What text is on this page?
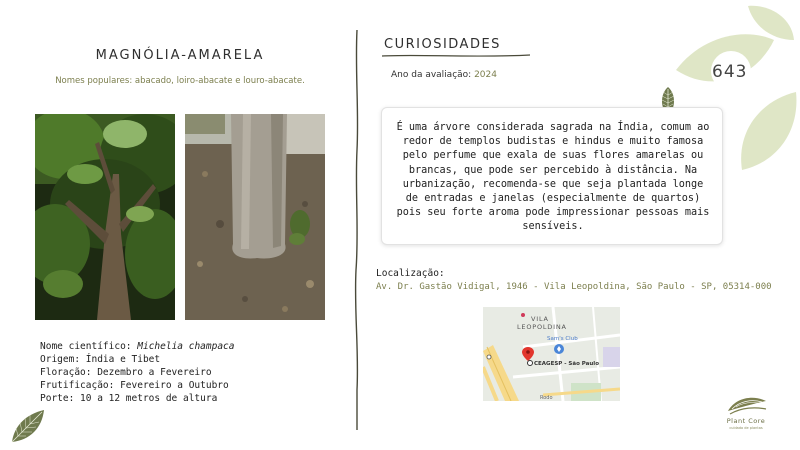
643
MAGNÓLIA-AMARELA
Nomes populares: abacado, loiro-abacate e louro-abacate.
Nome científico: Michelia champaca
Origem: Índia e Tibet
Floração: Dezembro a Fevereiro
Frutificação: Fevereiro a Outubro
Porte: 10 a 12 metros de altura
CURIOSIDADES
Ano da avaliação: 2024

É uma árvore considerada sagrada na Índia, comum ao redor de templos budistas e hindus e muito famosa pelo perfume que exala de suas flores amarelas ou brancas, que pode ser percebido à distância. Na urbanização, recomenda-se que seja plantada longe de entradas e janelas (especialmente de quartos) pois seu forte aroma pode impressionar pessoas mais sensíveis.

Localização:
Av. Dr. Gastão Vidigal, 1946 - Vila Leopoldina, São Paulo - SP, 05314-000
VILA
LEOPOLDINA
Sam's Club
CEAGESP - São Paulo
Rodo
Plant Core
cuidado de plantas
